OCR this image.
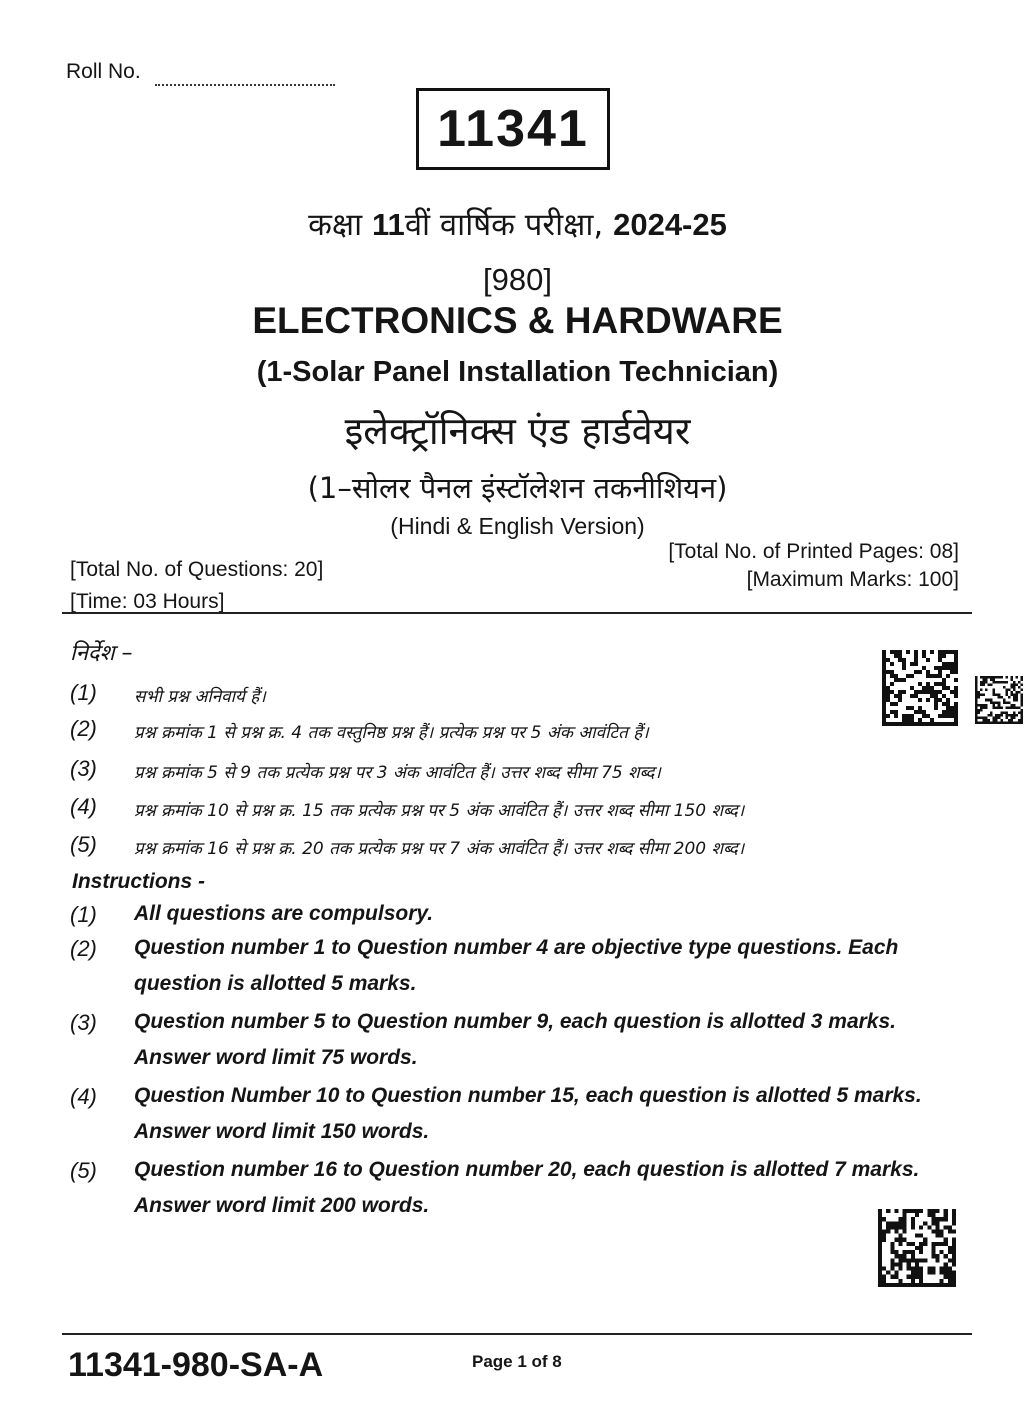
Roll No.
11341
कक्षा 11वीं वार्षिक परीक्षा, 2024-25
[980]
ELECTRONICS & HARDWARE
(1-Solar Panel Installation Technician)
इलेक्ट्रॉनिक्स एंड हार्डवेयर
(1–सोलर पैनल इंस्टॉलेशन तकनीशियन)
(Hindi & English Version)
[Total No. of Questions: 20]
[Time: 03 Hours]
[Total No. of Printed Pages: 08]
[Maximum Marks: 100]
निर्देश –
(1)	सभी प्रश्न अनिवार्य हैं।
(2)	प्रश्न क्रमांक 1 से प्रश्न क्र. 4 तक वस्तुनिष्ठ प्रश्न हैं। प्रत्येक प्रश्न पर 5 अंक आवंटित हैं।
(3)	प्रश्न क्रमांक 5 से 9 तक प्रत्येक प्रश्न पर 3 अंक आवंटित हैं। उत्तर शब्द सीमा 75 शब्द।
(4)	प्रश्न क्रमांक 10 से प्रश्न क्र. 15 तक प्रत्येक प्रश्न पर 5 अंक आवंटित हैं। उत्तर शब्द सीमा 150 शब्द।
(5)	प्रश्न क्रमांक 16 से प्रश्न क्र. 20 तक प्रत्येक प्रश्न पर 7 अंक आवंटित हैं। उत्तर शब्द सीमा 200 शब्द।
Instructions -
(1)	All questions are compulsory.
(2)	Question number 1 to Question number 4 are objective type questions. Each question is allotted 5 marks.
(3)	Question number 5 to Question number 9, each question is allotted 3 marks. Answer word limit 75 words.
(4)	Question Number 10 to Question number 15, each question is allotted 5 marks. Answer word limit 150 words.
(5)	Question number 16 to Question number 20, each question is allotted 7 marks. Answer word limit 200 words.
11341-980-SA-A	Page 1 of 8
